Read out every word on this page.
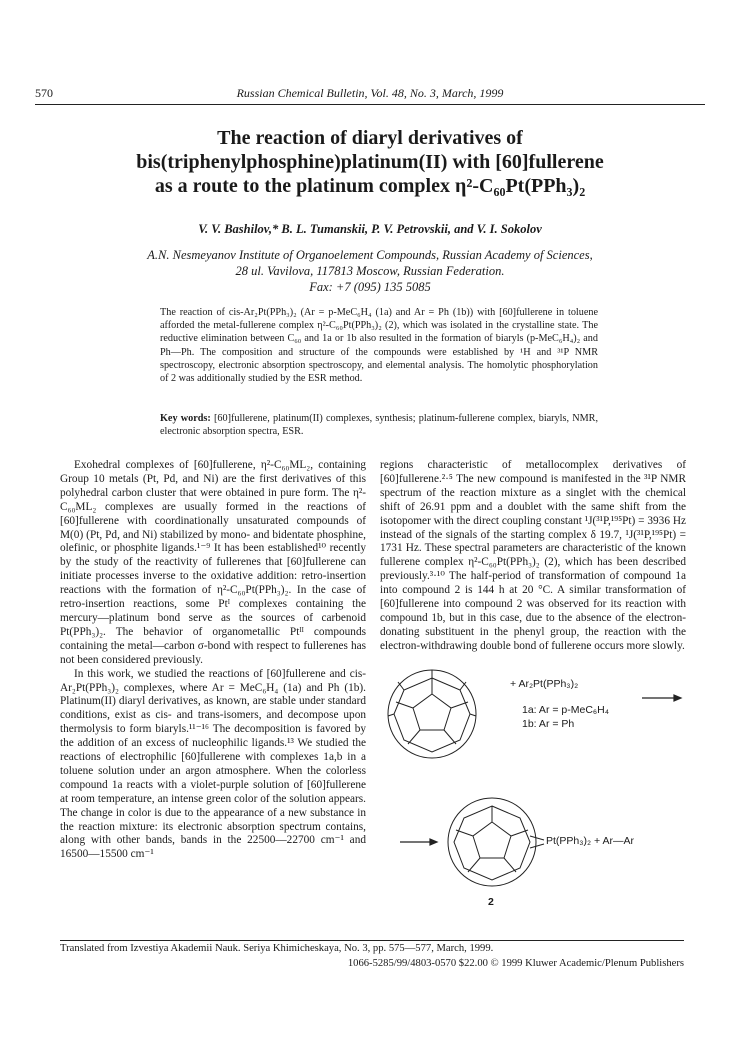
570	Russian Chemical Bulletin, Vol. 48, No. 3, March, 1999
The reaction of diaryl derivatives of
bis(triphenylphosphine)platinum(II) with [60]fullerene
as a route to the platinum complex η²-C₆₀Pt(PPh₃)₂
V. V. Bashilov,* B. L. Tumanskii, P. V. Petrovskii, and V. I. Sokolov
A.N. Nesmeyanov Institute of Organoelement Compounds, Russian Academy of Sciences,
28 ul. Vavilova, 117813 Moscow, Russian Federation.
Fax: +7 (095) 135 5085

The reaction of cis-Ar₂Pt(PPh₃)₂ (Ar = p-MeC₆H₄ (1a) and Ar = Ph (1b)) with [60]fullerene in toluene afforded the metal-fullerene complex η²-C₆₀Pt(PPh₃)₂ (2), which was isolated in the crystalline state. The reductive elimination between C₆₀ and 1a or 1b also resulted in the formation of biaryls (p-MeC₆H₄)₂ and Ph—Ph. The composition and structure of the compounds were established by ¹H and ³¹P NMR spectroscopy, electronic absorption spectroscopy, and elemental analysis. The homolytic phosphorylation of 2 was additionally studied by the ESR method.

Key words: [60]fullerene, platinum(II) complexes, synthesis; platinum-fullerene complex, biaryls, NMR, electronic absorption spectra, ESR.

Exohedral complexes of [60]fullerene, η²-C₆₀ML₂, containing Group 10 metals (Pt, Pd, and Ni) are the first derivatives of this polyhedral carbon cluster that were obtained in pure form. The η²-C₆₀ML₂ complexes are usually formed in the reactions of [60]fullerene with coordinationally unsaturated compounds of M(0) (Pt, Pd, and Ni) stabilized by mono- and bidentate phosphine, olefinic, or phosphite ligands.¹⁻⁹ It has been established¹⁰ recently by the study of the reactivity of fullerenes that [60]fullerene can initiate processes inverse to the oxidative addition: retro-insertion reactions with the formation of η²-C₆₀Pt(PPh₃)₂. In the case of retro-insertion reactions, some Ptᴵ complexes containing the mercury—platinum bond serve as the sources of carbenoid Pt(PPh₃)₂. The behavior of organometallic Ptᴵᴵ compounds containing the metal—carbon σ-bond with respect to fullerenes has not been considered previously.

In this work, we studied the reactions of [60]fullerene and cis-Ar₂Pt(PPh₃)₂ complexes, where Ar = MeC₆H₄ (1a) and Ph (1b). Platinum(II) diaryl derivatives, as known, are stable under standard conditions, exist as cis- and trans-isomers, and decompose upon thermolysis to form biaryls.¹¹⁻¹⁶ The decomposition is favored by the addition of an excess of nucleophilic ligands.¹³ We studied the reactions of electrophilic [60]fullerene with complexes 1a,b in a toluene solution under an argon atmosphere. When the colorless compound 1a reacts with a violet-purple solution of [60]fullerene at room temperature, an intense green color of the solution appears. The change in color is due to the appearance of a new substance in the reaction mixture: its electronic absorption spectrum contains, along with other bands, bands in the 22500—22700 cm⁻¹ and 16500—15500 cm⁻¹

regions characteristic of metallocomplex derivatives of [60]fullerene.²·⁵ The new compound is manifested in the ³¹P NMR spectrum of the reaction mixture as a singlet with the chemical shift of 26.91 ppm and a doublet with the same shift from the isotopomer with the direct coupling constant ¹J(³¹P,¹⁹⁵Pt) = 3936 Hz instead of the signals of the starting complex δ 19.7, ¹J(³¹P,¹⁹⁵Pt) = 1731 Hz. These spectral parameters are characteristic of the known fullerene complex η²-C₆₀Pt(PPh₃)₂ (2), which has been described previously.³·¹⁰ The half-period of transformation of compound 1a into compound 2 is 144 h at 20 °C. A similar transformation of [60]fullerene into compound 2 was observed for its reaction with compound 1b, but in this case, due to the absence of the electron-donating substituent in the phenyl group, the reaction with the electron-withdrawing double bond of fullerene occurs more slowly.

+ Ar₂Pt(PPh₃)₂
1a: Ar = p-MeC₆H₄
1b: Ar = Ph
Pt(PPh₃)₂ + Ar—Ar
2
Translated from Izvestiya Akademii Nauk. Seriya Khimicheskaya, No. 3, pp. 575—577, March, 1999.
1066-5285/99/4803-0570 $22.00 © 1999 Kluwer Academic/Plenum Publishers
